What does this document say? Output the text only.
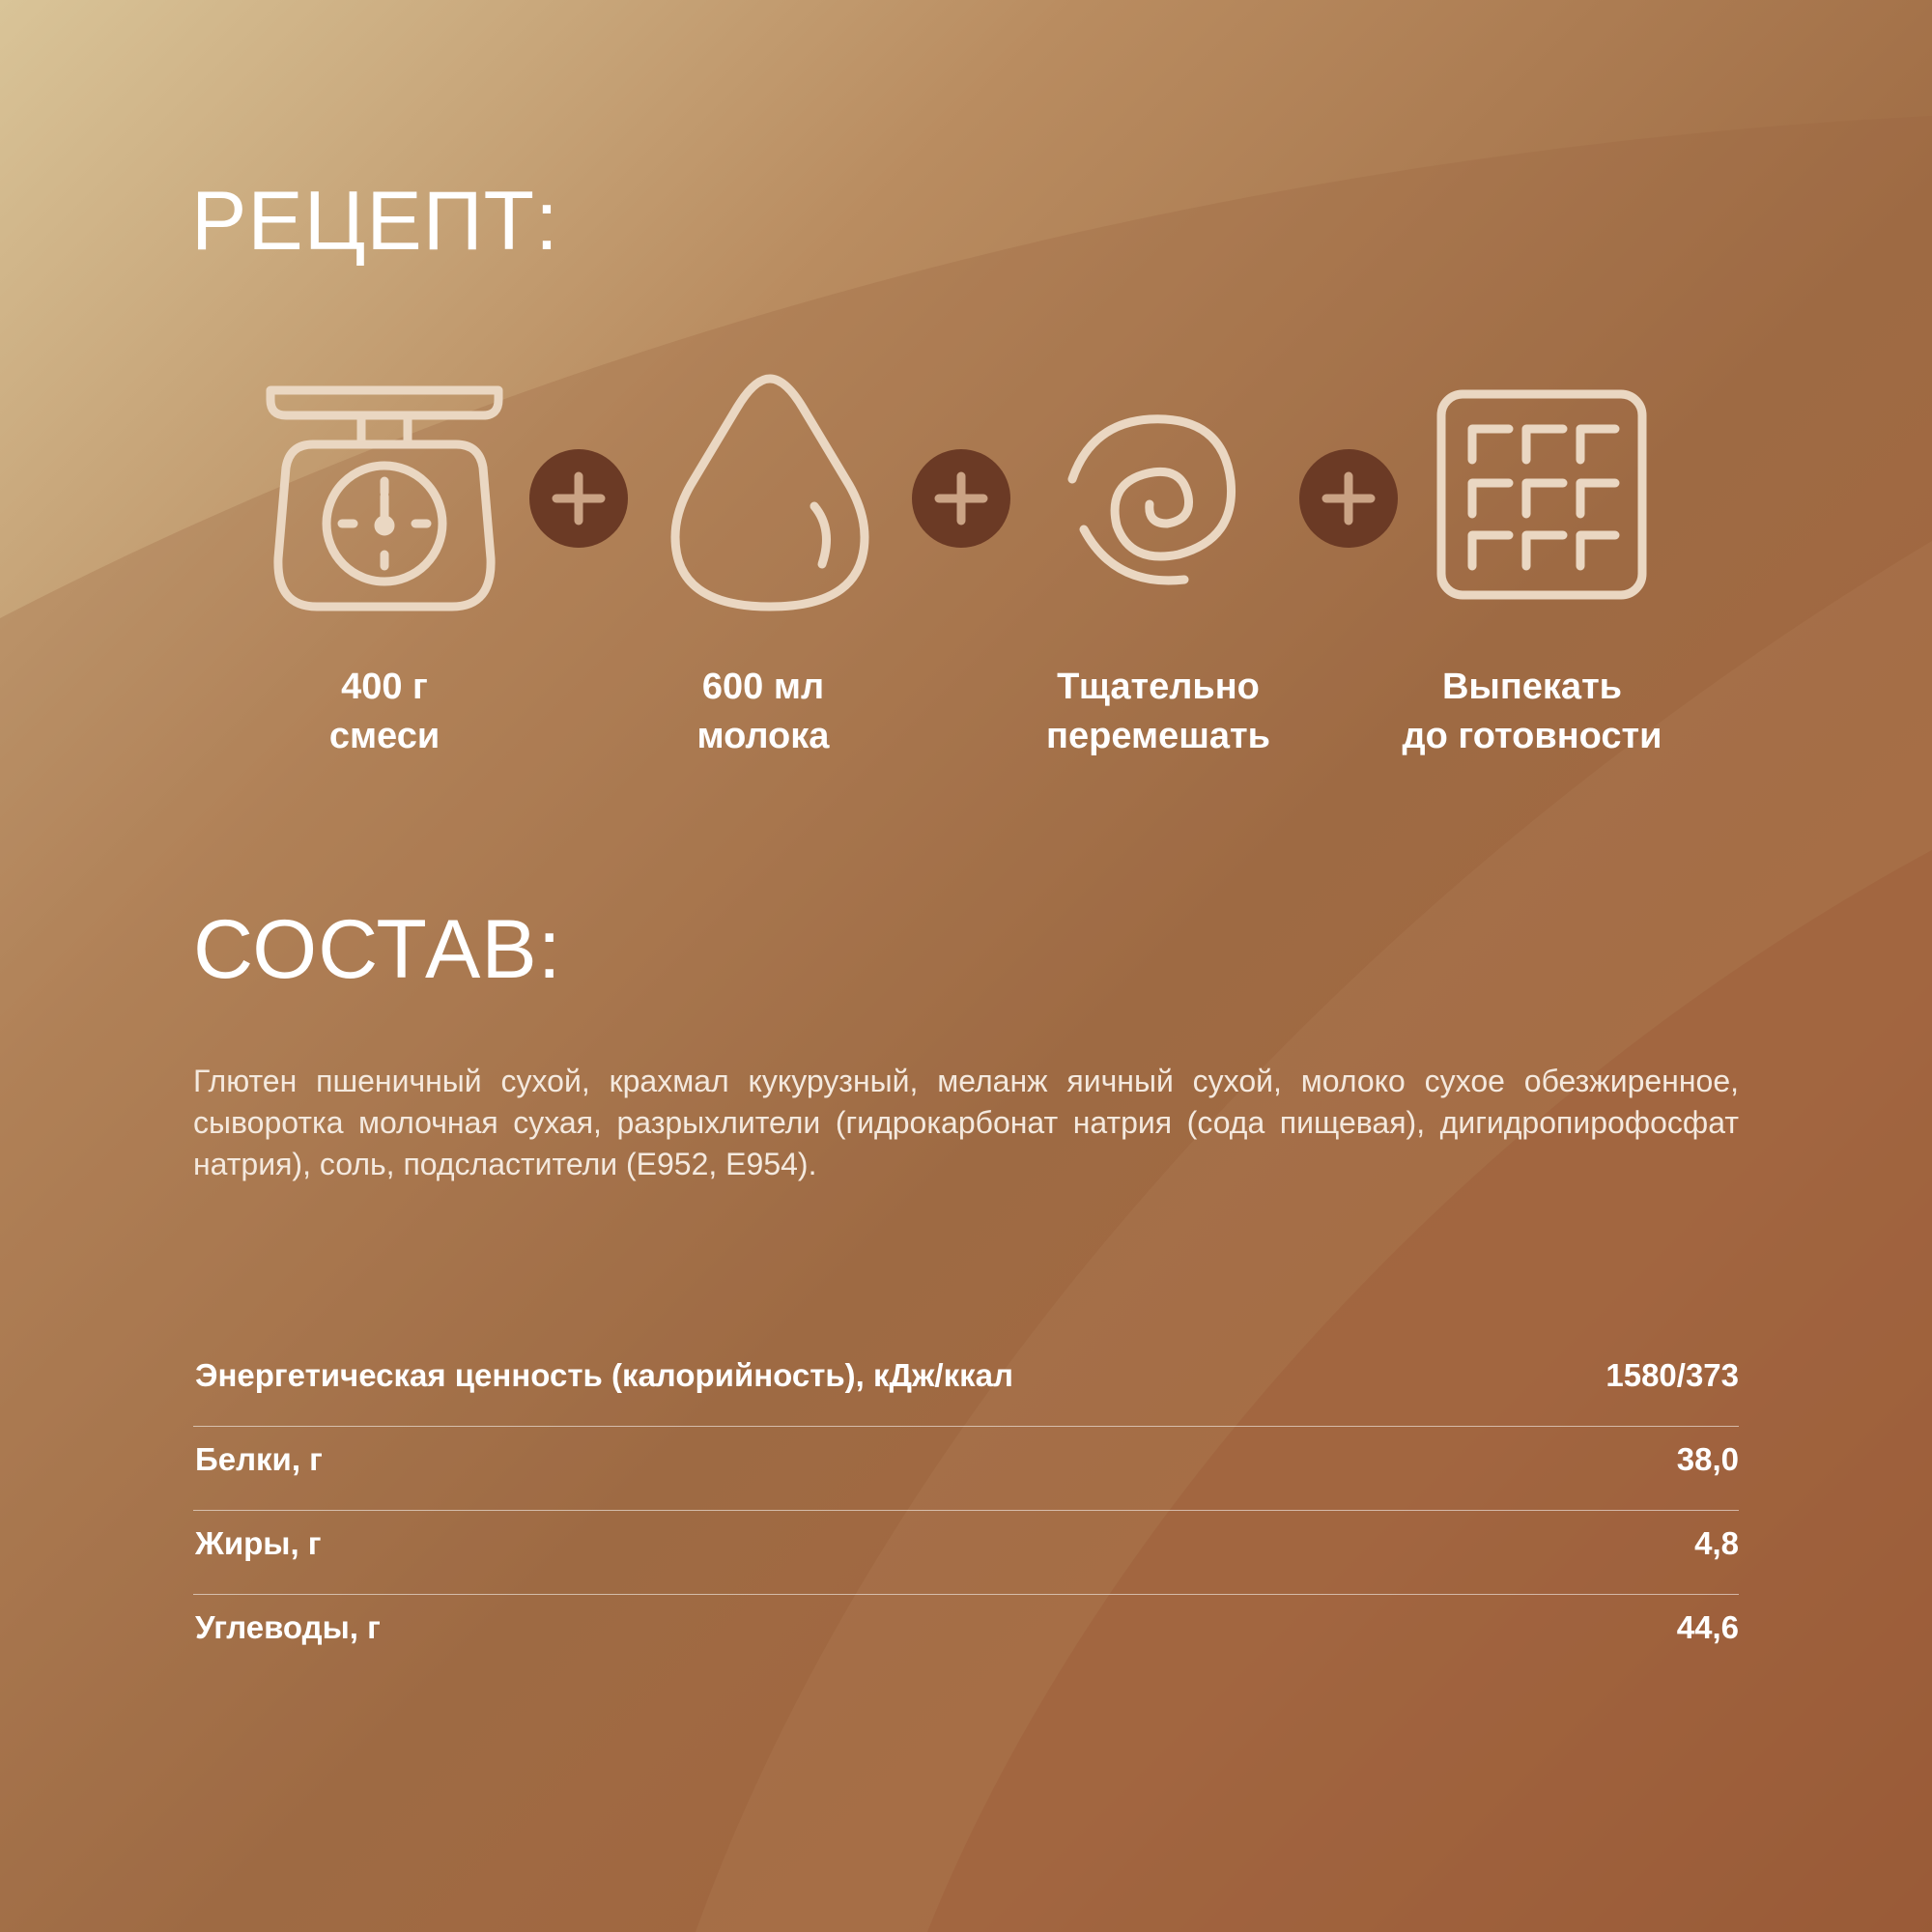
РЕЦЕПТ:
400 г
смеси
600 мл
молока
Тщательно
перемешать
Выпекать
до готовности
СОСТАВ:

Глютен пшеничный сухой, крахмал кукурузный, меланж яичный сухой, молоко сухое обезжиренное, сыворотка молочная сухая, разрыхлители (гидрокарбонат натрия (сода пищевая), дигидропирофосфат натрия), соль, подсластители (Е952, Е954).

Энергетическая ценность (калорийность), кДж/ккал	1580/373
Белки, г	38,0
Жиры, г	4,8
Углеводы, г	44,6
